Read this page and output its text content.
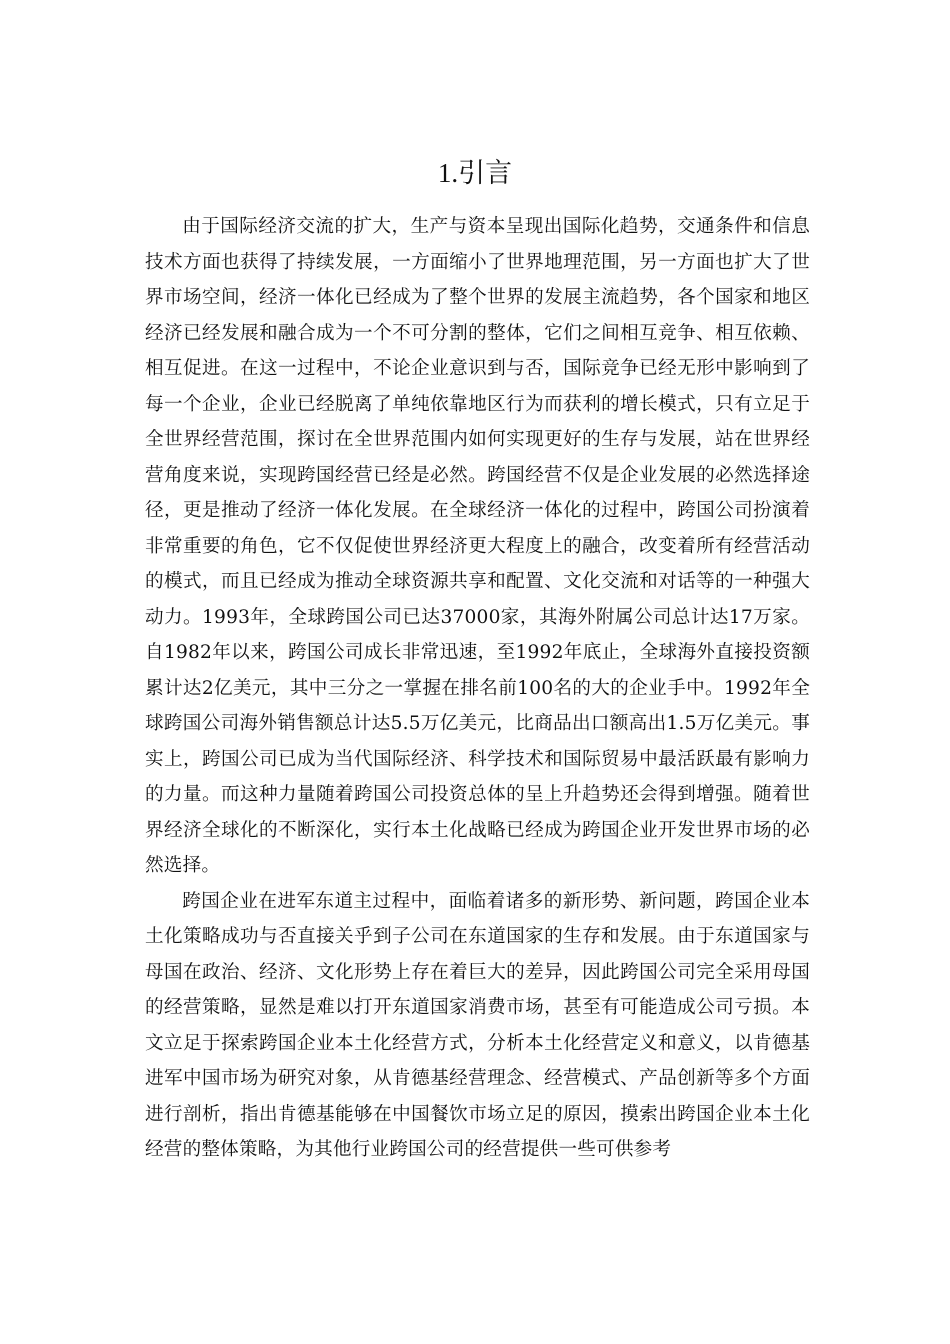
1.引言

由于国际经济交流的扩大，生产与资本呈现出国际化趋势，交通条件和信息技术方面也获得了持续发展，一方面缩小了世界地理范围，另一方面也扩大了世界市场空间，经济一体化已经成为了整个世界的发展主流趋势，各个国家和地区经济已经发展和融合成为一个不可分割的整体，它们之间相互竞争、相互依赖、相互促进。在这一过程中，不论企业意识到与否，国际竞争已经无形中影响到了每一个企业，企业已经脱离了单纯依靠地区行为而获利的增长模式，只有立足于全世界经营范围，探讨在全世界范围内如何实现更好的生存与发展，站在世界经营角度来说，实现跨国经营已经是必然。跨国经营不仅是企业发展的必然选择途径，更是推动了经济一体化发展。在全球经济一体化的过程中，跨国公司扮演着非常重要的角色，它不仅促使世界经济更大程度上的融合，改变着所有经营活动的模式，而且已经成为推动全球资源共享和配置、文化交流和对话等的一种强大动力。1993年，全球跨国公司已达37000家，其海外附属公司总计达17万家。自1982年以来，跨国公司成长非常迅速，至1992年底止，全球海外直接投资额累计达2亿美元，其中三分之一掌握在排名前100名的大的企业手中。1992年全球跨国公司海外销售额总计达5.5万亿美元，比商品出口额高出1.5万亿美元。事实上，跨国公司已成为当代国际经济、科学技术和国际贸易中最活跃最有影响力的力量。而这种力量随着跨国公司投资总体的呈上升趋势还会得到增强。随着世界经济全球化的不断深化，实行本土化战略已经成为跨国企业开发世界市场的必然选择。

跨国企业在进军东道主过程中，面临着诸多的新形势、新问题，跨国企业本土化策略成功与否直接关乎到子公司在东道国家的生存和发展。由于东道国家与母国在政治、经济、文化形势上存在着巨大的差异，因此跨国公司完全采用母国的经营策略，显然是难以打开东道国家消费市场，甚至有可能造成公司亏损。本文立足于探索跨国企业本土化经营方式，分析本土化经营定义和意义，以肯德基进军中国市场为研究对象，从肯德基经营理念、经营模式、产品创新等多个方面进行剖析，指出肯德基能够在中国餐饮市场立足的原因，摸索出跨国企业本土化经营的整体策略，为其他行业跨国公司的经营提供一些可供参考
